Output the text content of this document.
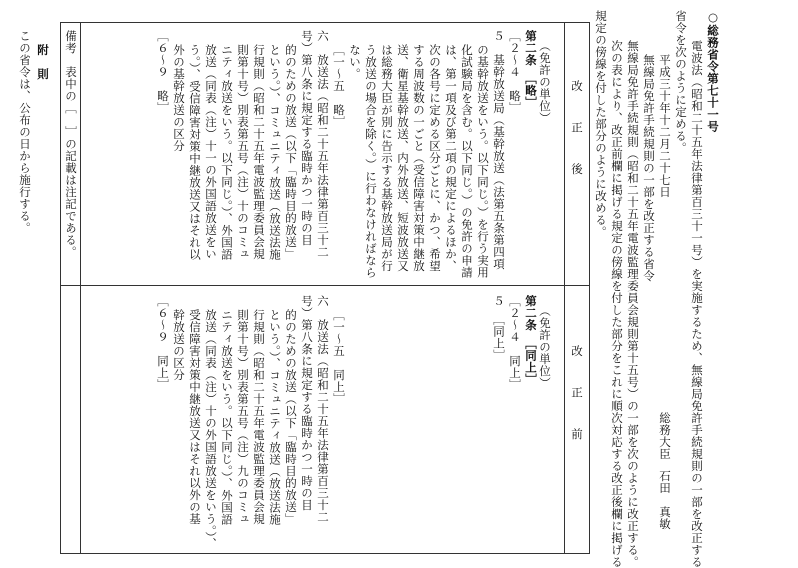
○総務省令第七十一号
電波法（昭和二十五年法律第百三十一号）を実施するため、無線局免許手続規則の一部を改正する
省令を次のように定める。
平成三十年十二月二十七日
総務大臣
石田　真敏
無線局免許手続規則の一部を改正する省令
無線局免許手続規則（昭和二十五年電波監理委員会規則第十五号）の一部を次のように改正する。
次の表により、改正前欄に掲げる規定の傍線を付した部分をこれに順次対応する改正後欄に掲げる
規定の傍線を付した部分のように改める。
改正後
改正前
（免許の単位）
第二条　［略］
［２～４　略］
５　基幹放送局（基幹放送（法第五条第四項
の基幹放送をいう。以下同じ。）を行う実用
化試験局を含む。以下同じ。）の免許の申請
は、第一項及び第二項の規定によるほか、
次の各号に定める区分ごとに、かつ、希望
する周波数の一ごと（受信障害対策中継放
送、衛星基幹放送、内外放送、短波放送又
は総務大臣が別に告示する基幹放送局が行
う放送の場合を除く。）に行わなければなら
ない。
［一～五　略］
六　放送法（昭和二十五年法律第百三十二
号）第八条に規定する臨時かつ一時の目
的のための放送（以下「臨時目的放送」
という。）、コミュニティ放送（放送法施
行規則（昭和二十五年電波監理委員会規
則第十号）別表第五号（注）十のコミュ
ニティ放送をいう。以下同じ。）、外国語
放送（同表（注）十一の外国語放送をい
う。）、受信障害対策中継放送又はそれ以
外の基幹放送の区分
［６～９　略］
（免許の単位）
第二条　［同上］
［２～４　同上］
５　［同上］
［一～五　同上］
六　放送法（昭和二十五年法律第百三十二
号）第八条に規定する臨時かつ一時の目
的のための放送（以下「臨時目的放送」
という。）、コミュニティ放送（放送法施
行規則（昭和二十五年電波監理委員会規
則第十号）別表第五号（注）九のコミュ
ニティ放送をいう。以下同じ。）、外国語
放送（同表（注）十の外国語放送をいう。）、
受信障害対策中継放送又はそれ以外の基
幹放送の区分
［６～９　同上］
備考　表中の［　］の記載は注記である。
附　則
この省令は、公布の日から施行する。
